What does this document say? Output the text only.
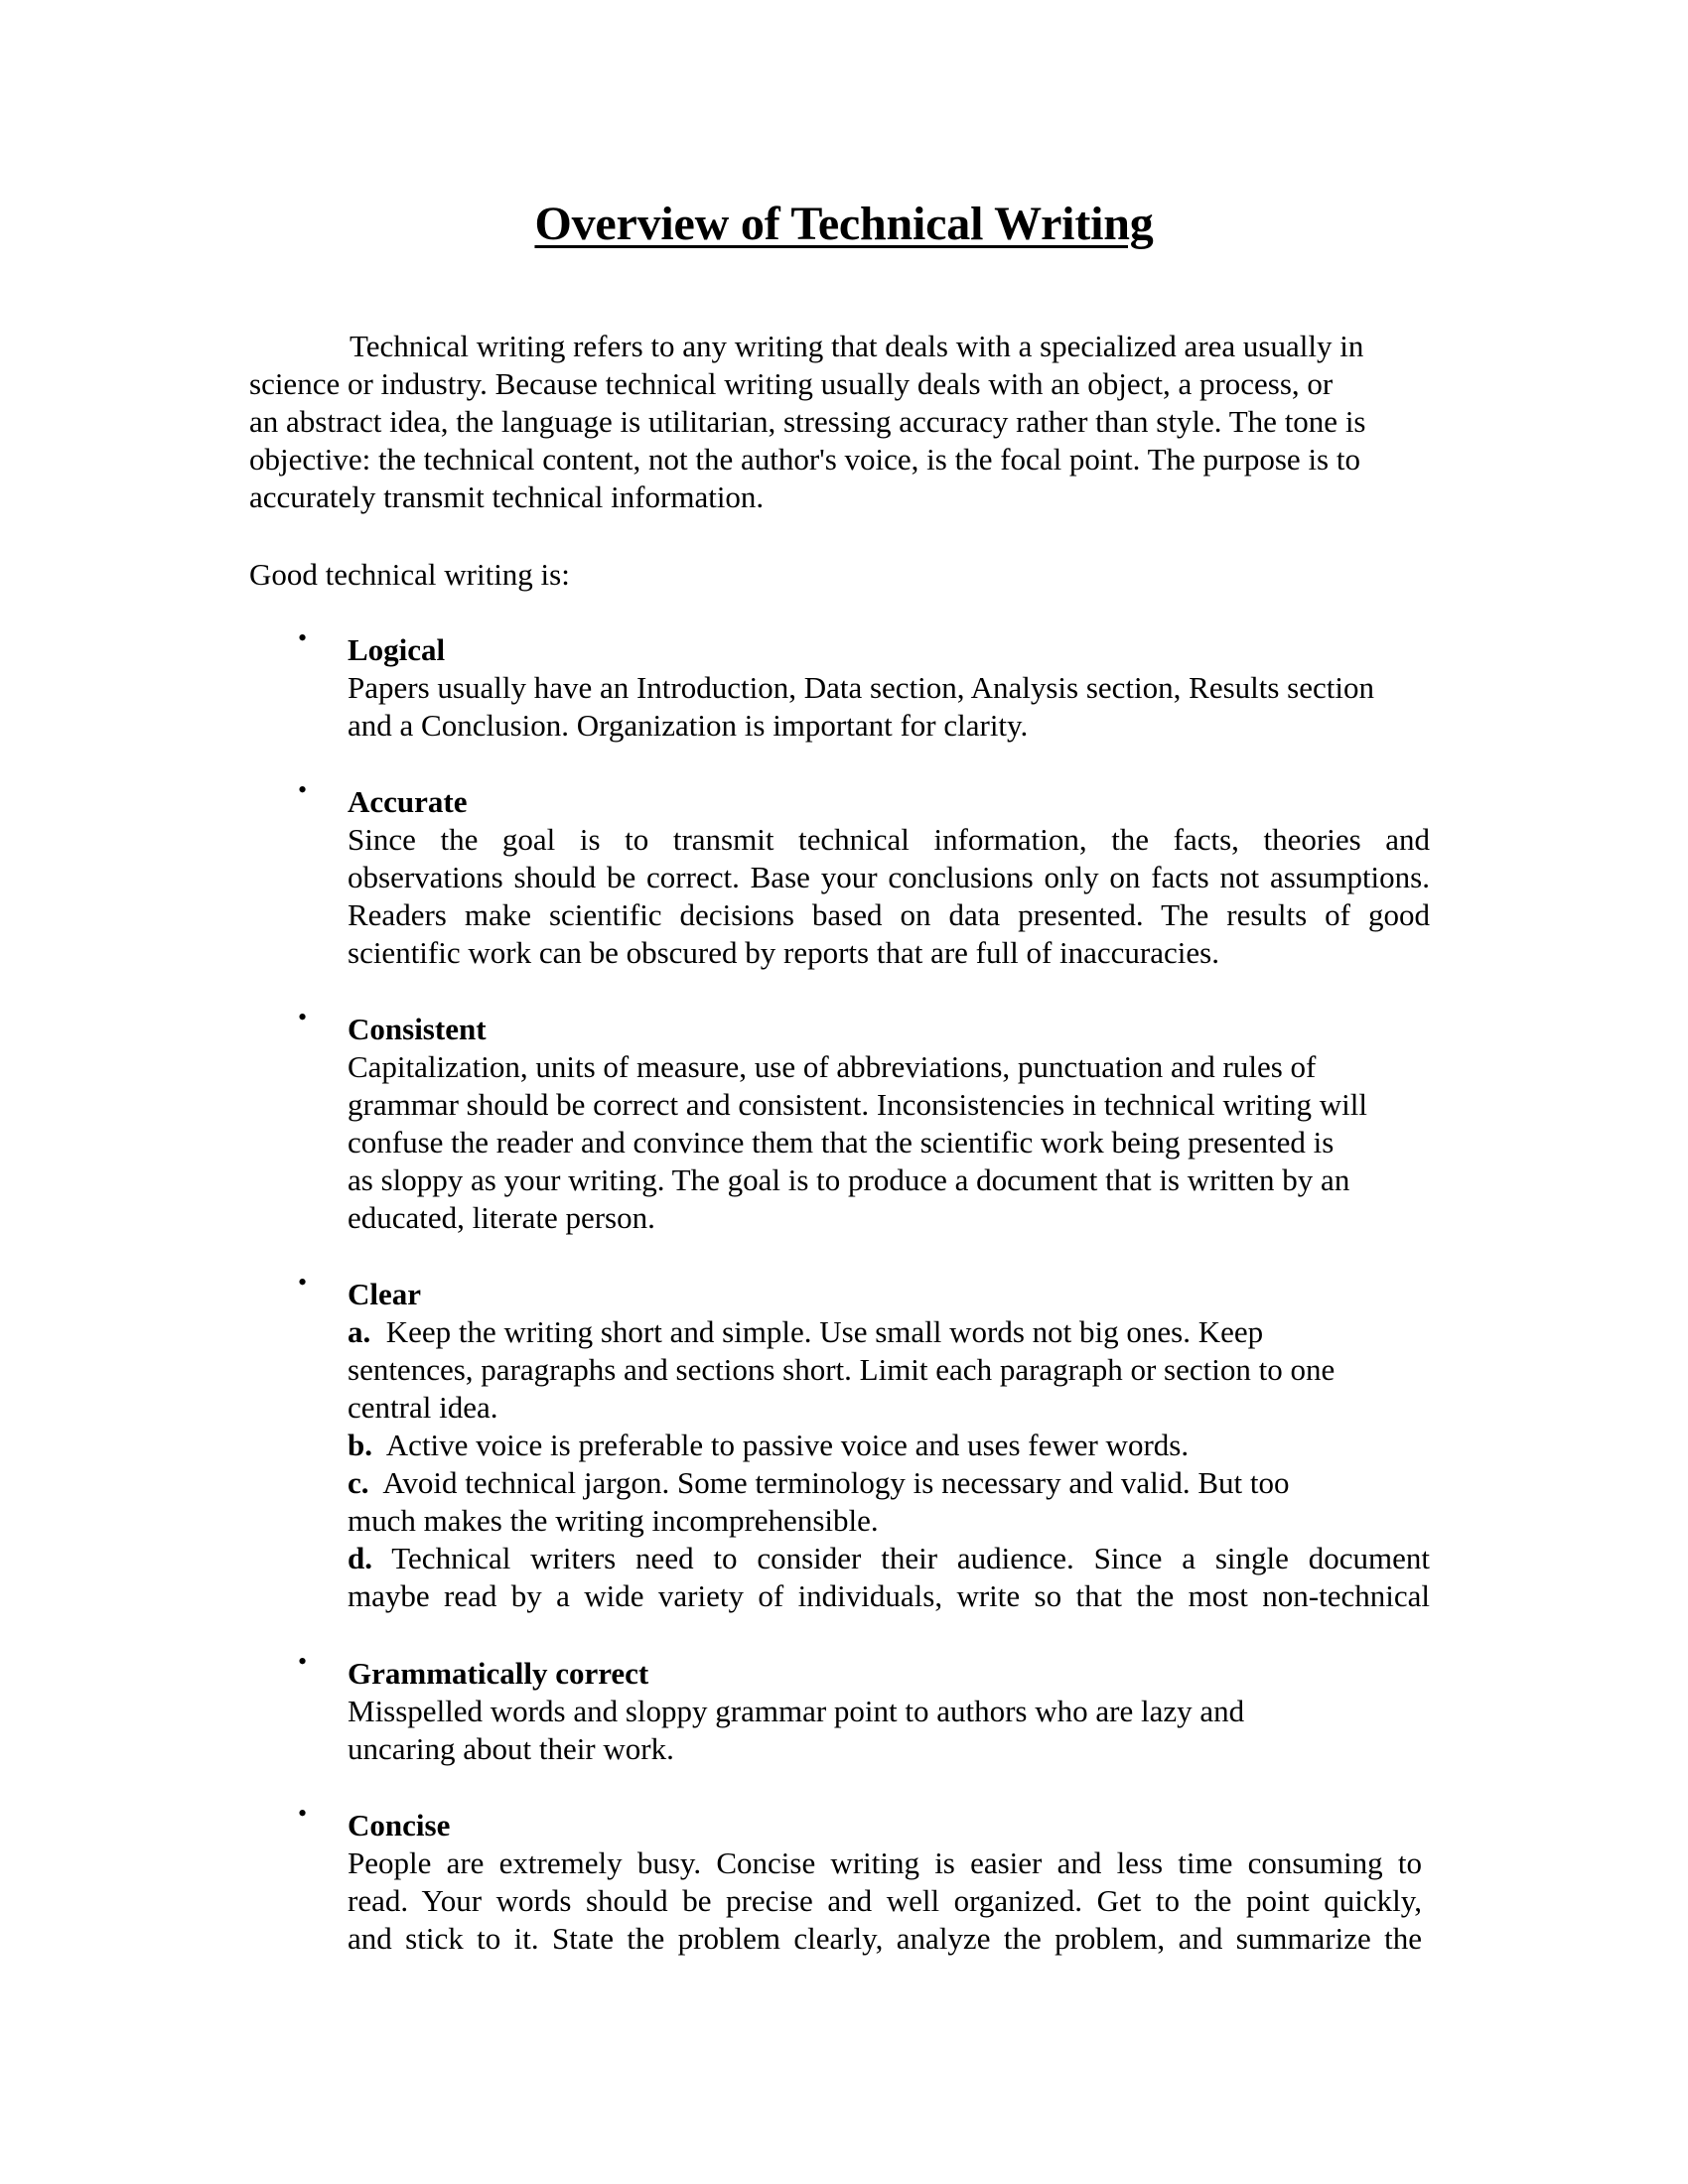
Overview of Technical Writing
Technical writing refers to any writing that deals with a specialized area usually in
science or industry. Because technical writing usually deals with an object, a process, or
an abstract idea, the language is utilitarian, stressing accuracy rather than style. The tone is
objective: the technical content, not the author's voice, is the focal point. The purpose is to
accurately transmit technical information.
Good technical writing is:
• Logical
Papers usually have an Introduction, Data section, Analysis section, Results section
and a Conclusion. Organization is important for clarity.
• Accurate
Since the goal is to transmit technical information, the facts, theories and
observations should be correct. Base your conclusions only on facts not assumptions.
Readers make scientific decisions based on data presented. The results of good
scientific work can be obscured by reports that are full of inaccuracies.
• Consistent
Capitalization, units of measure, use of abbreviations, punctuation and rules of
grammar should be correct and consistent. Inconsistencies in technical writing will
confuse the reader and convince them that the scientific work being presented is
as sloppy as your writing. The goal is to produce a document that is written by an
educated, literate person.
• Clear
a. Keep the writing short and simple. Use small words not big ones. Keep
sentences, paragraphs and sections short. Limit each paragraph or section to one
central idea.
b. Active voice is preferable to passive voice and uses fewer words.
c. Avoid technical jargon. Some terminology is necessary and valid. But too
much makes the writing incomprehensible.
d. Technical writers need to consider their audience. Since a single document
maybe read by a wide variety of individuals, write so that the most non-technical
• Grammatically correct
Misspelled words and sloppy grammar point to authors who are lazy and
uncaring about their work.
• Concise
People are extremely busy. Concise writing is easier and less time consuming to
read. Your words should be precise and well organized. Get to the point quickly,
and stick to it. State the problem clearly, analyze the problem, and summarize the
